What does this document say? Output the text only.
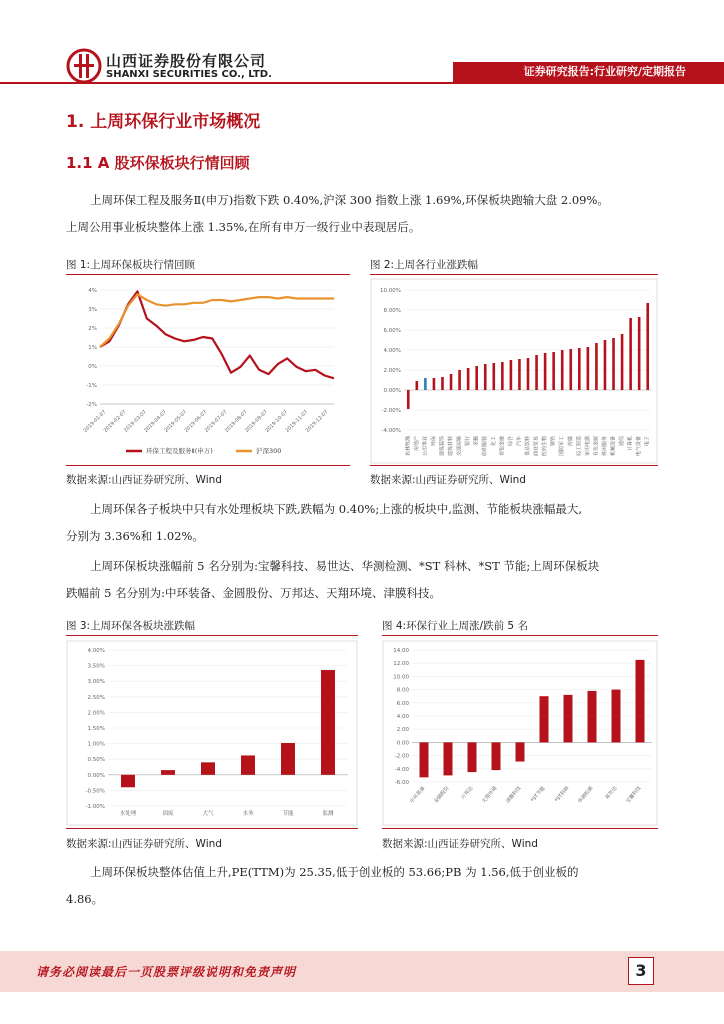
山西证券股份有限公司
SHANXI SECURITIES CO., LTD.	证券研究报告:行业研究/定期报告
1. 上周环保行业市场概况
1.1 A 股环保板块行情回顾
上周环保工程及服务Ⅱ(申万)指数下跌 0.40%,沪深 300 指数上涨 1.69%,环保板块跑输大盘 2.09%。
上周公用事业板块整体上涨 1.35%,在所有申万一级行业中表现居后。
图 1:上周环保板块行情回顾	图 2:上周各行业涨跌幅
4%
3%
2%
1%
0%
-1%
-2%
2019-01-07
2019-02-07
2019-03-07
2019-04-07
2019-05-07
2019-06-07
2019-07-07
2019-08-07
2019-09-07
2019-10-07
2019-11-07
2019-12-07
环保工程及服务Ⅱ(申万)	沪深300
10.00%
8.00%
6.00%
4.00%
2.00%
0.00%
-2.00%
-4.00%
农林牧渔 房地产 公用事业 环保 建筑装饰 建筑材料 交通运输 银行 采掘 纺织服装 化工 非银金融 综合 汽车 食品饮料 商业贸易 医药生物 钢铁 国防军工 传媒 轻工制造 家用电器 有色金属 休闲服务 机械设备 通信 计算机 电气设备 电子
数据来源:山西证券研究所、Wind	数据来源:山西证券研究所、Wind
上周环保各子板块中只有水处理板块下跌,跌幅为 0.40%;上涨的板块中,监测、节能板块涨幅最大,
分别为 3.36%和 1.02%。
上周环保板块涨幅前 5 名分别为:宝馨科技、易世达、华测检测、*ST 科林、*ST 节能;上周环保板块
跌幅前 5 名分别为:中环装备、金圆股份、万邦达、天翔环境、津膜科技。
图 3:上周环保各板块涨跌幅	图 4:环保行业上周涨/跌前 5 名
4.00%
3.50%
3.00%
2.50%
2.00%
1.50%
1.00%
0.50%
0.00%
-0.50%
-1.00%
水处理	固废	大气	水务	节能	监测
14.00
12.00
10.00
8.00
6.00
4.00
2.00
0.00
-2.00
-4.00
-6.00
中环装备 金圆股份 万邦达 天翔环境 津膜科技 *ST节能 *ST科林 华测检测 易世达 宝馨科技
数据来源:山西证券研究所、Wind	数据来源:山西证券研究所、Wind
上周环保板块整体估值上升,PE(TTM)为 25.35,低于创业板的 53.66;PB 为 1.56,低于创业板的
4.86。
请务必阅读最后一页股票评级说明和免责声明	3
